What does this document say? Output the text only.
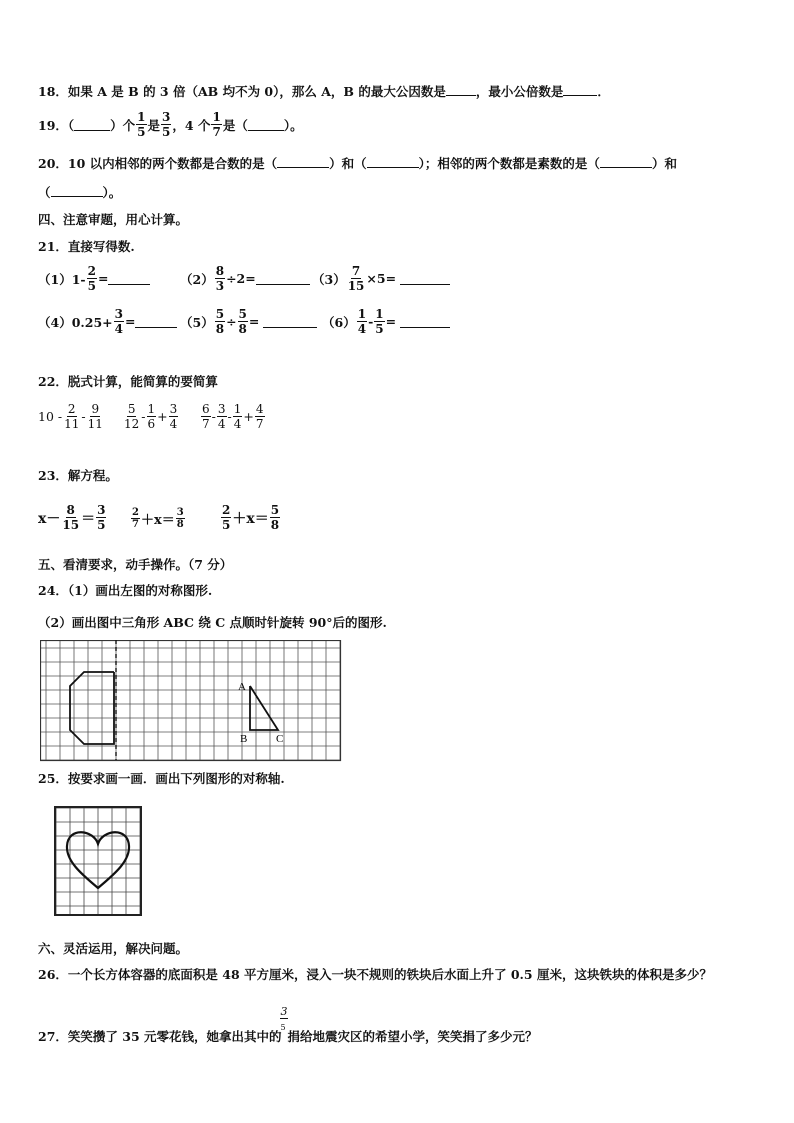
18．如果 A 是 B 的 3 倍（AB 均不为 0），那么 A，B 的最大公因数是 ，最小公倍数是	．
19．（	）个 $\frac{1}{5}$ 是 $\frac{3}{5}$ ，4 个 $\frac{1}{7}$ 是（	）。
20．10 以内相邻的两个数都是合数的是（	）和（	）；相邻的两个数都是素数的是（	）和
（	）。
四、注意审题，用心计算。
21．直接写得数.
$(1)1- \frac{2}{5}$ =	$(2) \frac{8}{3} \div 2=$	$(3) \frac{7}{15} \times 5=$
$(4)0.25+ \frac{3}{4}$ =	$(5) \frac{5}{8} \div \frac{5}{8}$ =	$(6) \frac{1}{4} - \frac{1}{5}$ =
22．脱式计算，能简算的要简算
$10 - \frac{2}{11} - \frac{9}{11} \frac{5}{12} - \frac{1}{6} + \frac{3}{4} \frac{6}{7} - \frac{3}{4} - \frac{1}{4} + \frac{4}{7}$
23．解方程。
$x- \frac{8}{15} = \frac{3}{5} \frac{2}{7} +x= \frac{3}{8}$	$\frac{2}{5} +x= \frac{5}{8}$
五、看清要求，动手操作。（7 分）
24．（1）画出左图的对称图形.
（2）画出图中三角形 ABC 绕 C 点顺时针旋转 90°后的图形.
A
B	C
25．按要求画一画．画出下列图形的对称轴.
六、灵活运用，解决问题。
26．一个长方体容器的底面积是 48 平方厘米，浸入一块不规则的铁块后水面上升了 0.5 厘米，这块铁块的体积是多少？
27．笑笑攒了 35 元零花钱，她拿出其中的
3
5
捐给地震灾区的希望小学，笑笑捐了多少元？
